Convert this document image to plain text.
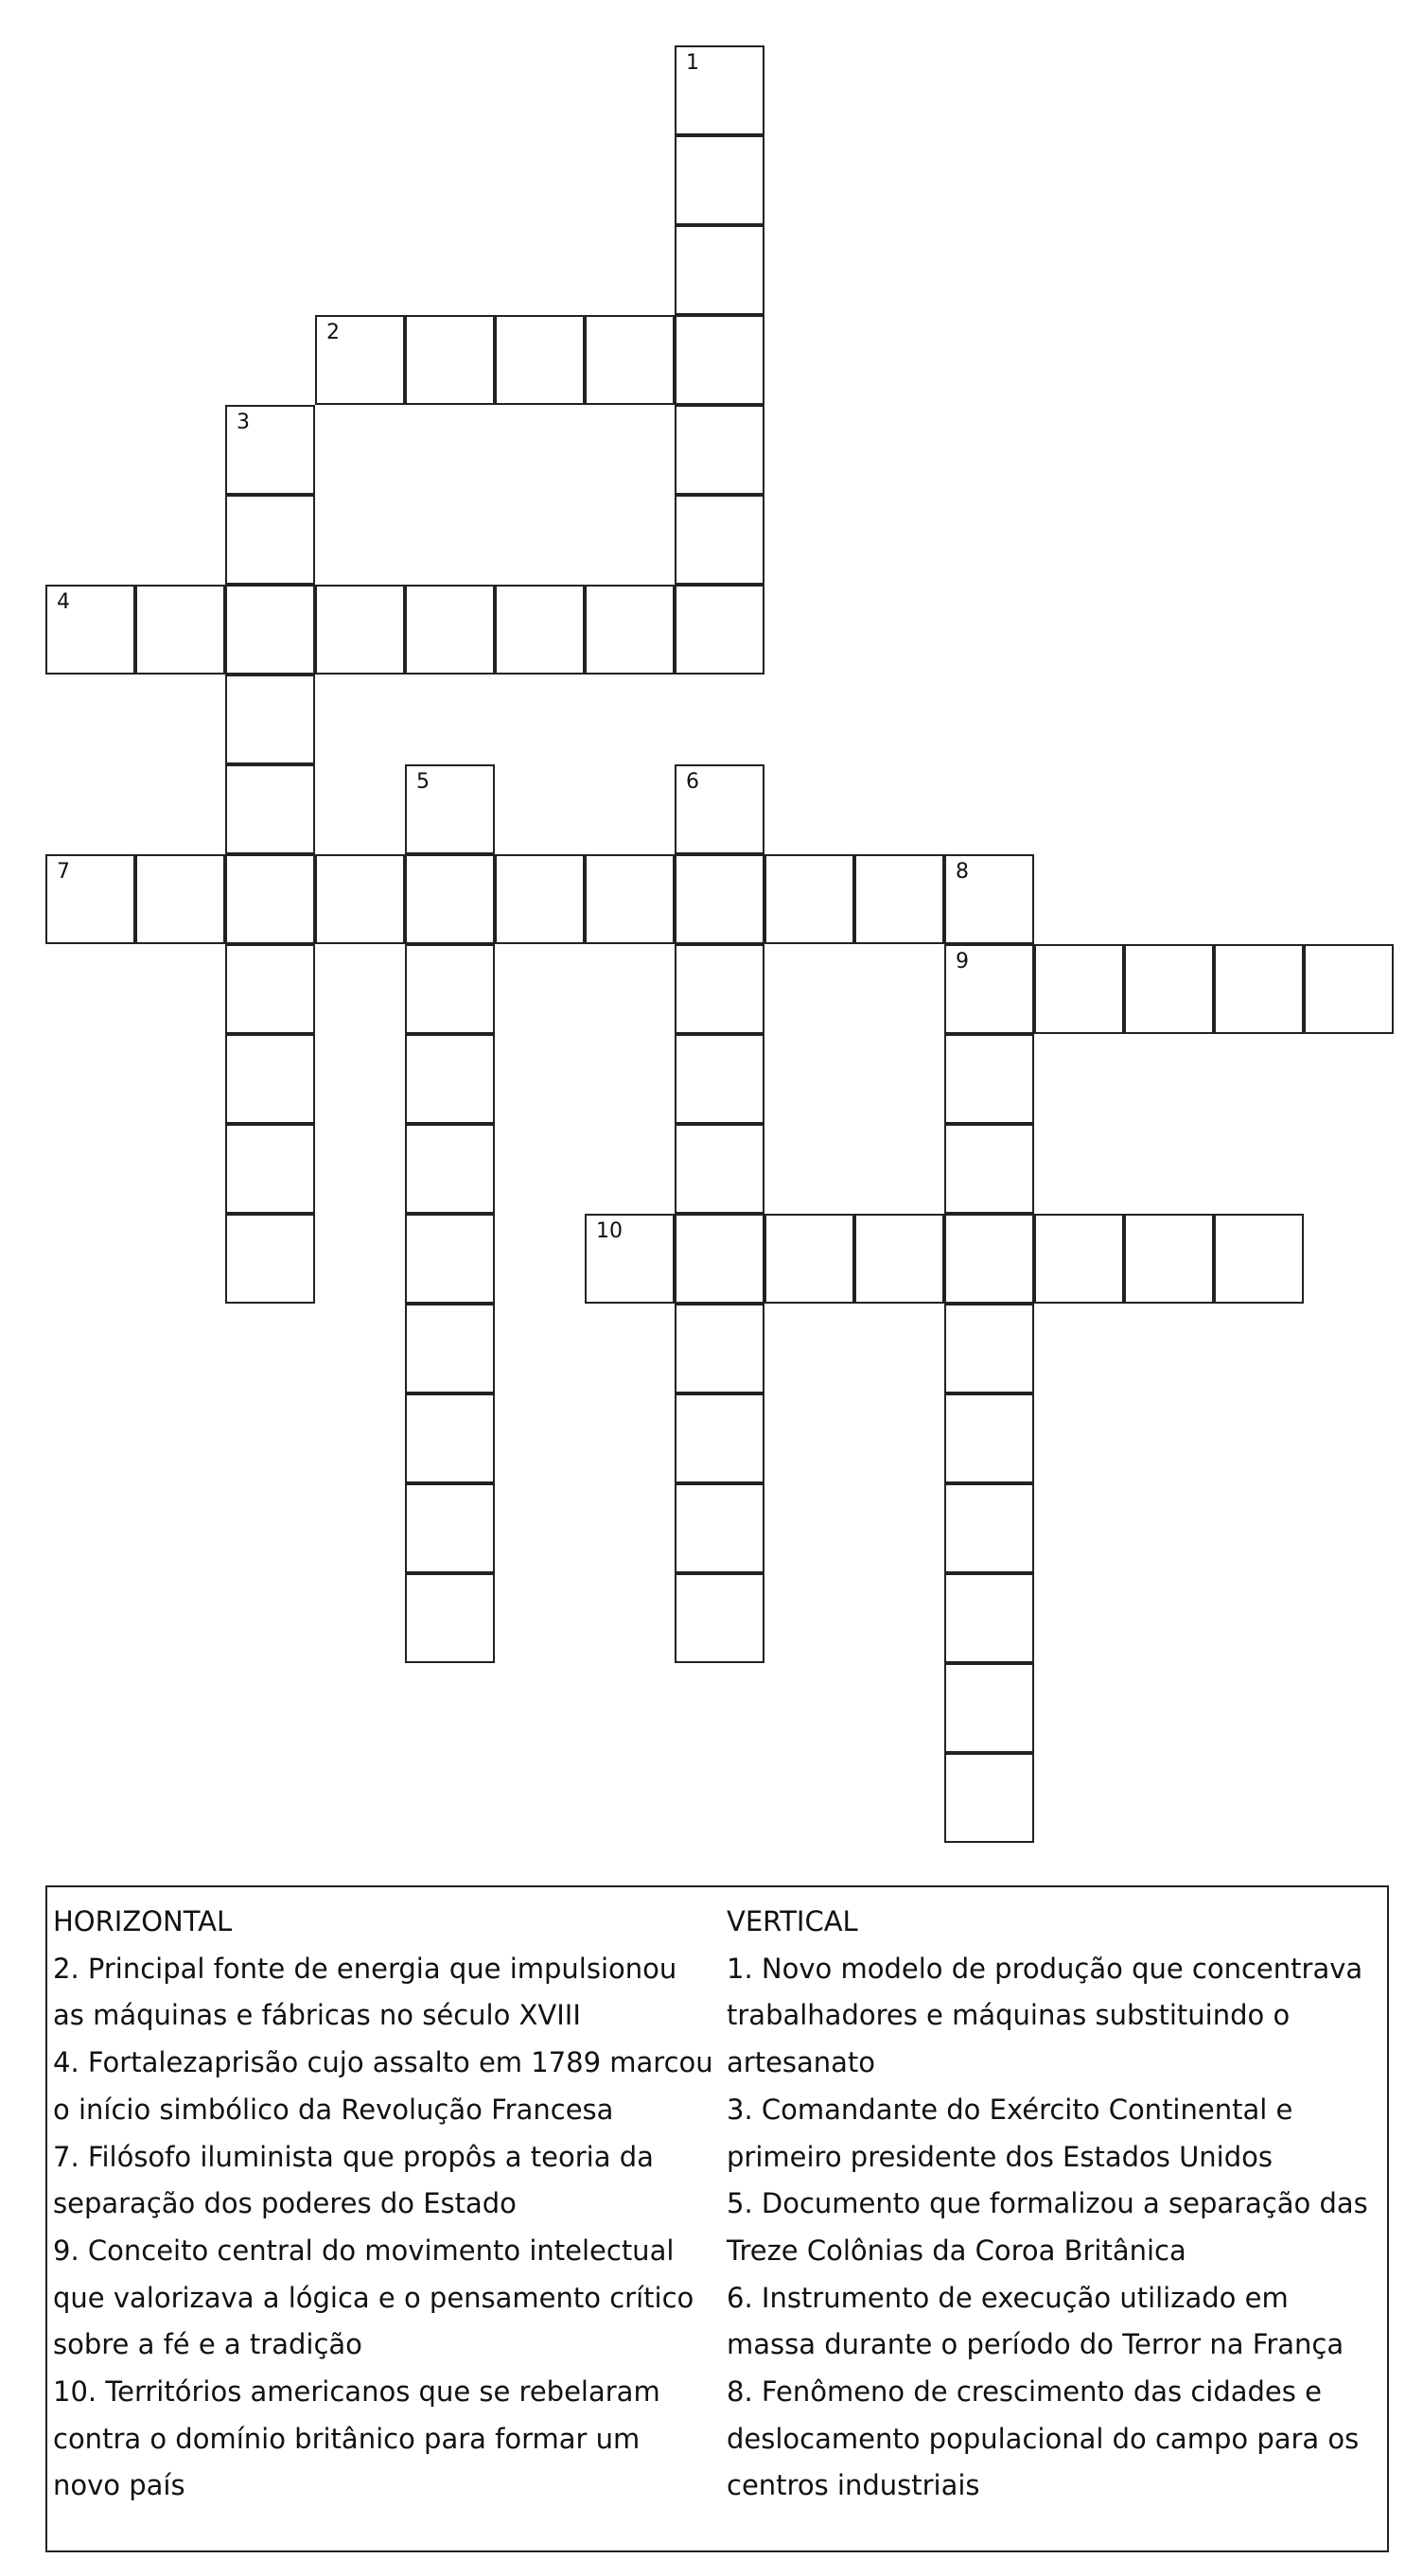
1
2
3
4
5	6
7	8
9
10
HORIZONTAL

2. Principal fonte de energia que impulsionou as máquinas e fábricas no século XVIII

4. Fortalezaprisão cujo assalto em 1789 marcou o início simbólico da Revolução Francesa

7. Filósofo iluminista que propôs a teoria da separação dos poderes do Estado

9. Conceito central do movimento intelectual que valorizava a lógica e o pensamento crítico sobre a fé e a tradição

10. Territórios americanos que se rebelaram contra o domínio britânico para formar um novo país

VERTICAL

1. Novo modelo de produção que concentrava trabalhadores e máquinas substituindo o artesanato

3. Comandante do Exército Continental e primeiro presidente dos Estados Unidos

5. Documento que formalizou a separação das Treze Colônias da Coroa Britânica

6. Instrumento de execução utilizado em massa durante o período do Terror na França

8. Fenômeno de crescimento das cidades e deslocamento populacional do campo para os centros industriais
